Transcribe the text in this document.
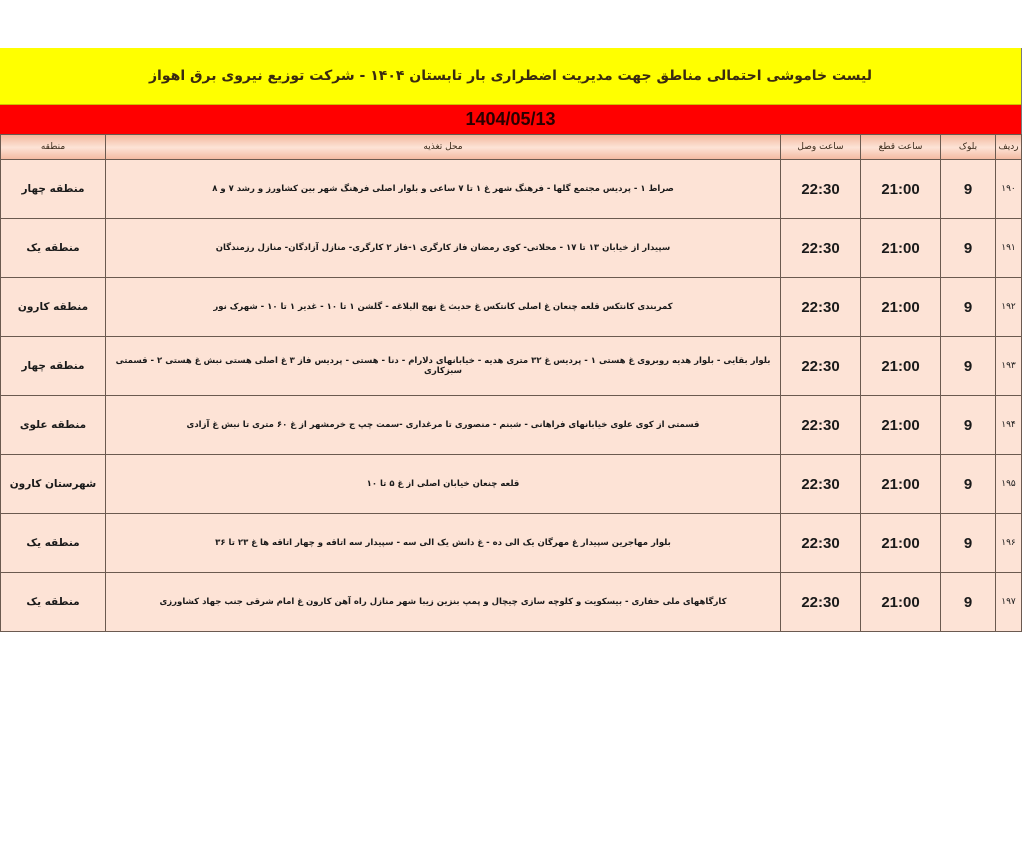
لیست خاموشی احتمالی مناطق جهت مدیریت اضطراری بار تابستان ۱۴۰۴ - شرکت توزیع نیروی برق اهواز
1404/05/13
ردیف	بلوک	ساعت قطع	ساعت وصل	محل تغذیه	منطقه
۱۹۰	9	21:00	22:30	صراط ۱ - پردیس مجتمع گلها - فرهنگ شهر غ ۱ تا ۷ ساعی و بلوار اصلی فرهنگ شهر بین کشاورز و رشد ۷ و ۸	منطقه چهار
۱۹۱	9	21:00	22:30	سپیدار از خیابان ۱۳ تا ۱۷ - محلاتی- کوی رمضان فاز کارگری ۱-فاز ۲ کارگری- منازل آزادگان- منازل رزمندگان	منطقه یک
۱۹۲	9	21:00	22:30	کمربندی کانتکس قلعه چنعان غ اصلی کانتکس غ حدیث غ نهج البلاغه - گلشن ۱ تا ۱۰ - غدیر ۱ تا ۱۰ - شهرک نور	منطقه کارون
۱۹۳	9	21:00	22:30	بلوار بقایی - بلوار هدیه روبروی غ هستی ۱ - پردیس غ ۳۲ متری هدیه - خیابانهای دلارام - دنا - هستی - پردیس فاز ۳ غ اصلی هستی نبش غ هستی ۲ - قسمتی سبزکاری	منطقه چهار
۱۹۴	9	21:00	22:30	قسمتی از کوی علوی خیابانهای فراهانی - شبنم - منصوری تا مرغداری -سمت چپ ج خرمشهر از غ ۶۰ متری تا نبش غ آزادی	منطقه علوی
۱۹۵	9	21:00	22:30	قلعه چنعان خیابان اصلی از غ ۵ تا ۱۰	شهرستان کارون
۱۹۶	9	21:00	22:30	بلوار مهاجرین سپیدار غ مهرگان یک الی ده - غ دانش یک الی سه - سپیدار سه اتاقه و چهار اتاقه ها غ ۲۳ تا ۳۶	منطقه یک
۱۹۷	9	21:00	22:30	کارگاههای ملی حفاری - بیسکویت و کلوچه سازی چیچال و پمپ بنزین زیبا شهر منازل راه آهن کارون غ امام شرقی جنب جهاد کشاورزی	منطقه یک
